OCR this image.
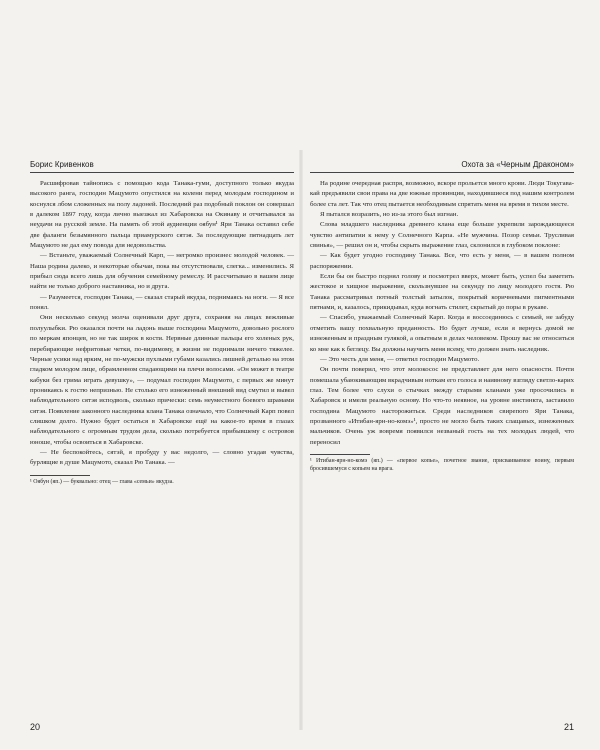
Борис Кривенков

Расшифровав тайнопись с помощью кода Танака-гуми, доступного только якудза высокого ранга, господин Мацумото опустился на колени перед молодым господином и коснулся лбом сложенных на полу ладоней. Последний раз подобный поклон он совершал в далеком 1897 году, когда лично выезжал из Хабаровска на Окинаву и отчитывался за неудачи на русской земле. На память об этой аудиенции оябун¹ Яри Танака оставил себе две фаланги безымянного пальца приамурского сятэя. За последующие пятнадцать лет Мацумото не дал ему повода для недовольства.

— Встаньте, уважаемый Солнечный Карп, — негромко произнес молодой человек. — Наша родина далеко, и некоторые обычаи, пока вы отсутствовали, слегка... изменились. Я прибыл сюда всего лишь для обучения семейному ремеслу. И рассчитываю в вашем лице найти не только доброго наставника, но и друга.

— Разумеется, господин Танака, — сказал старый якудза, поднимаясь на ноги. — Я все понял.

Они несколько секунд молча оценивали друг друга, сохраняя на лицах вежливые полуулыбки. Рю оказался почти на ладонь выше господина Мацумото, довольно рослого по меркам японцев, но не так широк в кости. Нервные длинные пальцы его холеных рук, перебирающие нефритовые четки, по-видимому, в жизни не поднимали ничего тяжелее. Черные усики над ярким, не по-мужски пухлыми губами казались лишней деталью на этом гладком молодом лице, обрамленном спадающими на плечи волосами. «Он может в театре кабуки без грима играть девушку», — подумал господин Мацумото, с первых же минут проникаясь к гостю непризнью. Не столько его изнеженный внешний вид смутил и вывел наблюдательного сятэя исподволь, сколько прически: семь неуместного боевого шрамами сятэя. Появление законного наследника клана Танака означало, что Солнечный Карп повел слишком долго. Нужно будет остаться в Хабаровске ещё на какое-то время в глазах наблюдательного с огромным трудом дела, сколько потребуется прибывшему с островов юноше, чтобы освоиться в Хабаровске.

— Не беспокойтесь, сятэй, я пробуду у вас недолго, — словно угадав чувства, бурлящие в душе Мацумото, сказал Рю Танака. —

¹ Оябун (яп.) — буквально: отец — глава «семьи» якудза.
Охота за «Черным Драконом»

На родине очередная распря, возможно, вскоре прольется много крови. Люди Токугава-кай предъявили свои права на две южные провинции, находившиеся под нашим контролем более ста лет. Так что отец пытается необходимым спрятать меня на время в тихом месте.

Я пытался возразить, но из-за этого был изгнан.

Слова младшего наследника древнего клана еще больше укрепили зарождающееся чувство антипатии к нему у Солнечного Карпа. «Не мужчина. Позор семьи. Трусливая свинья», — решил он и, чтобы скрыть выражение глаз, склонился в глубоком поклоне:

— Как будет угодно господину Танака. Все, что есть у меня, — в вашем полном распоряжении.

Если бы он быстро поднял голову и посмотрел вверх, может быть, успел бы заметить жестокое и хищное выражение, скользнувшее на секунду по лицу молодого гостя. Рю Танака рассматривал потный толстый затылок, покрытый коричневыми пигментными пятнами, и, казалось, прикидывал, куда вогнать стилет, скрытый до поры в рукаве.

— Спасибо, уважаемый Солнечный Карп. Когда я воссоединюсь с семьей, не забуду отметить вашу похвальную преданность. Но будет лучше, если я вернусь домой не изнеженным и праздным гулякой, а опытным в делах человеком. Прошу вас не относиться ко мне как к беглецу. Вы должны научить меня всему, что должен знать наследник.

— Это честь для меня, — ответил господин Мацумото.

Он почти поверил, что этот молокосос не представляет для него опасности. Почти помешала убаюкивающим вкрадчивым ноткам его голоса и наивному взгляду светло-карих глаз. Тем более что слухи о стычках между старыми кланами уже просочились в Хабаровск и имели реальную основу. Но что-то неявное, на уровне инстинкта, заставило господина Мацумото насторожиться. Среди наследников свирепого Яри Танака, прозванного «Итибан-ярн-но-комэ»¹, просто не могло быть таких слащавых, изнеженных мальчиков. Очень уж вовремя появился незваный гость на тех молодых людей, что переносил

¹ Итибан-ярн-но-комэ (яп.) — «первое копье», почетное звание, присваиваемое воину, первым бросившемуся с копьем на врага.
20	21
